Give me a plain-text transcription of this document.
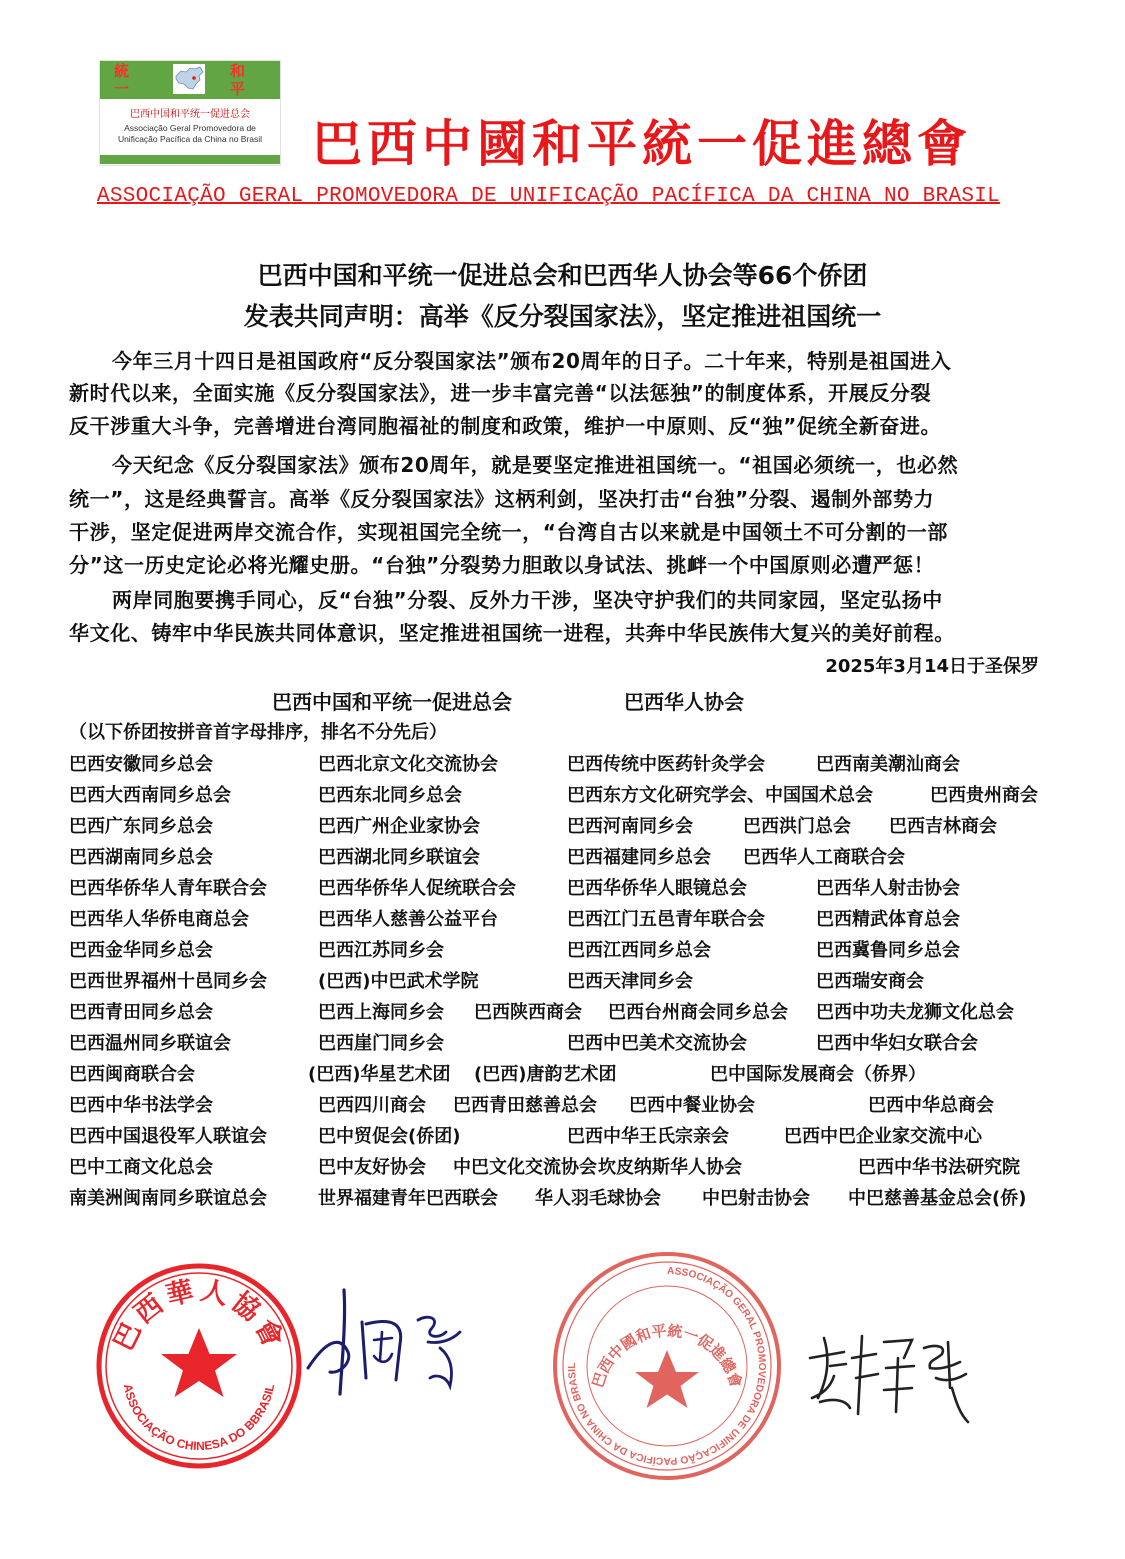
統	和
一	平
巴西中国和平统一促进总会
Associação Geral Promovedora de
Unificação Pacífica da China no Brasil 巴西中國和平統一促進總會
ASSOCIAÇÃO GERAL PROMOVEDORA DE UNIFICAÇÃO PACÍFICA DA CHINA NO BRASIL
巴西中国和平统一促进总会和巴西华人协会等66个侨团
发表共同声明：高举《反分裂国家法》，坚定推进祖国统一
今年三月十四日是祖国政府“反分裂国家法”颁布20周年的日子。二十年来，特别是祖国进入
新时代以来，全面实施《反分裂国家法》，进一步丰富完善“以法惩独”的制度体系，开展反分裂
反干涉重大斗争，完善增进台湾同胞福祉的制度和政策，维护一中原则、反“独”促统全新奋进。
今天纪念《反分裂国家法》颁布20周年，就是要坚定推进祖国统一。“祖国必须统一，也必然
统一”，这是经典誓言。高举《反分裂国家法》这柄利剑，坚决打击“台独”分裂、遏制外部势力
干涉，坚定促进两岸交流合作，实现祖国完全统一，“台湾自古以来就是中国领土不可分割的一部
分”这一历史定论必将光耀史册。“台独”分裂势力胆敢以身试法、挑衅一个中国原则必遭严惩！
两岸同胞要携手同心，反“台独”分裂、反外力干涉，坚决守护我们的共同家园，坚定弘扬中
华文化、铸牢中华民族共同体意识，坚定推进祖国统一进程，共奔中华民族伟大复兴的美好前程。
2025年3月14日于圣保罗
巴西中国和平统一促进总会	巴西华人协会
（以下侨团按拼音首字母排序，排名不分先后）
巴西安徽同乡总会	巴西北京文化交流协会	巴西传统中医药针灸学会	巴西南美潮汕商会
巴西大西南同乡总会	巴西东北同乡总会	巴西东方文化研究学会、中国国术总会	巴西贵州商会
巴西广东同乡总会	巴西广州企业家协会	巴西河南同乡会	巴西洪门总会 巴西吉林商会
巴西湖南同乡总会	巴西湖北同乡联谊会	巴西福建同乡总会 巴西华人工商联合会
巴西华侨华人青年联合会	巴西华侨华人促统联合会	巴西华侨华人眼镜总会	巴西华人射击协会
巴西华人华侨电商总会	巴西华人慈善公益平台	巴西江门五邑青年联合会	巴西精武体育总会
巴西金华同乡总会	巴西江苏同乡会	巴西江西同乡总会	巴西冀鲁同乡总会
巴西世界福州十邑同乡会	(巴西)中巴武术学院	巴西天津同乡会	巴西瑞安商会
巴西青田同乡总会	巴西上海同乡会 巴西陕西商会 巴西台州商会同乡总会 巴西中功夫龙狮文化总会
巴西温州同乡联谊会	巴西崖门同乡会	巴西中巴美术交流协会	巴西中华妇女联合会
巴西闽商联合会	(巴西)华星艺术团 (巴西)唐韵艺术团	巴中国际发展商会（侨界）
巴西中华书法学会	巴西四川商会 巴西青田慈善总会 巴西中餐业协会	巴西中华总商会
巴西中国退役军人联谊会	巴中贸促会(侨团)	巴西中华王氏宗亲会	巴西中巴企业家交流中心
巴中工商文化总会	巴中友好协会 中巴文化交流协会 坎皮纳斯华人协会	巴西中华书法研究院
南美洲闽南同乡联谊总会	世界福建青年巴西联会 华人羽毛球协会 中巴射击协会 中巴慈善基金总会(侨)
巴西華人協會
ASSOCIAÇÃO CHINESA DO BBRASIL
ASSOCIAÇÃO GERAL PROMOVEDORA DE UNIFICAÇÃO PACÍFICA DA CHINA NO BRASIL
巴西中國和平統一促進總會
